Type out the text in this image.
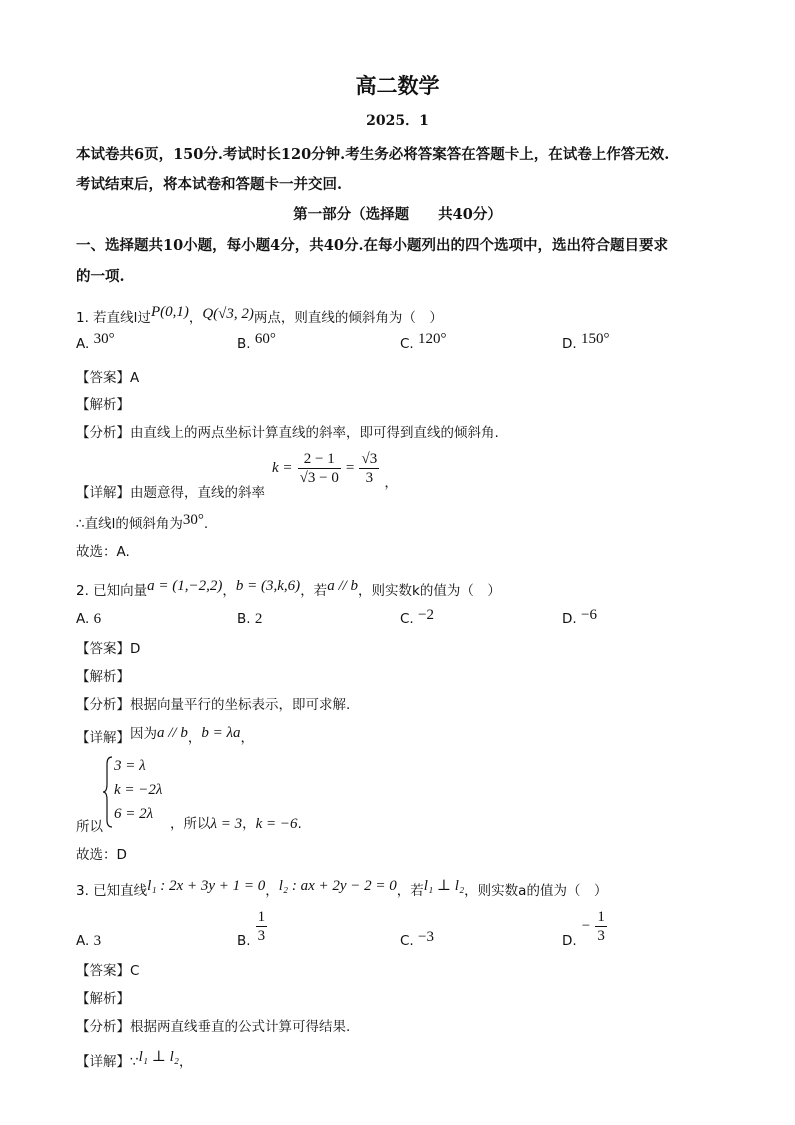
高二数学
2025．1
本试卷共6页，150分.考试时长120分钟.考生务必将答案答在答题卡上，在试卷上作答无效.
考试结束后，将本试卷和答题卡一并交回.
第一部分（选择题　　共40分）
一、选择题共10小题，每小题4分，共40分.在每小题列出的四个选项中，选出符合题目要求
的一项.
1. 若直线l过P(0,1)，Q(√3, 2)两点，则直线的倾斜角为（　）
A. 30°	B. 60°	C. 120°	D. 150°
【答案】A
【解析】
【分析】由直线上的两点坐标计算直线的斜率，即可得到直线的倾斜角.
【详解】由题意得，直线的斜率
$k = \frac{2 - 1}{√3 - 0} = \frac{√3}{3} _,$
∴直线l的倾斜角为30°.
故选：A.
2. 已知向量a = (1,−2,2)，b = (3,k,6)，若a // b，则实数k的值为（　）
A. 6	B. 2	C. −2	D. −6
【答案】D
【解析】
【分析】根据向量平行的坐标表示，即可求解.
【详解】因为a // b，b = λa，
3 = λ
k = −2λ
6 = 2λ
所以	，所以λ = 3，k = −6.
故选：D
3. 已知直线l₁ : 2x + 3y + 1 = 0，l₂ : ax + 2y − 2 = 0，若l₁ ⊥ l₂，则实数a的值为（　）
A. 3	$_{B.} \frac{1}{3}$	C. −3	$_{D.} - \frac{1}{3}$
【答案】C
【解析】
【分析】根据两直线垂直的公式计算可得结果.
【详解】∵l₁ ⊥ l₂，
